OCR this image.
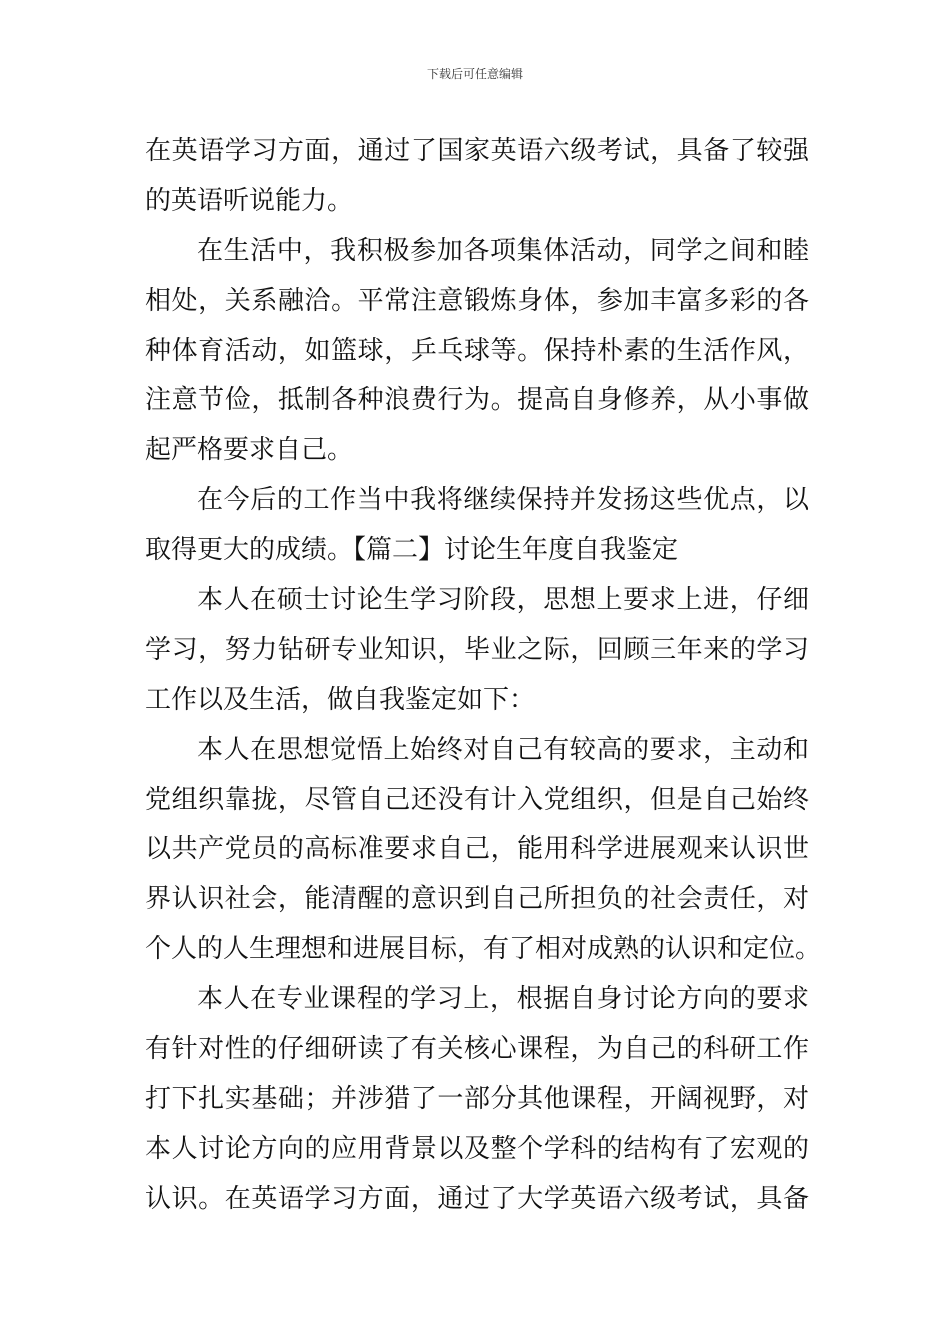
下载后可任意编辑
在英语学习方面，通过了国家英语六级考试，具备了较强
的英语听说能力。
在生活中，我积极参加各项集体活动，同学之间和睦
相处，关系融洽。平常注意锻炼身体，参加丰富多彩的各
种体育活动，如篮球，乒乓球等。保持朴素的生活作风，
注意节俭，抵制各种浪费行为。提高自身修养，从小事做
起严格要求自己。
在今后的工作当中我将继续保持并发扬这些优点，以
取得更大的成绩。【篇二】讨论生年度自我鉴定
本人在硕士讨论生学习阶段，思想上要求上进，仔细
学习，努力钻研专业知识，毕业之际，回顾三年来的学习
工作以及生活，做自我鉴定如下：
本人在思想觉悟上始终对自己有较高的要求，主动和
党组织靠拢，尽管自己还没有计入党组织，但是自己始终
以共产党员的高标准要求自己，能用科学进展观来认识世
界认识社会，能清醒的意识到自己所担负的社会责任，对
个人的人生理想和进展目标，有了相对成熟的认识和定位。
本人在专业课程的学习上，根据自身讨论方向的要求
有针对性的仔细研读了有关核心课程，为自己的科研工作
打下扎实基础；并涉猎了一部分其他课程，开阔视野，对
本人讨论方向的应用背景以及整个学科的结构有了宏观的
认识。在英语学习方面，通过了大学英语六级考试，具备
